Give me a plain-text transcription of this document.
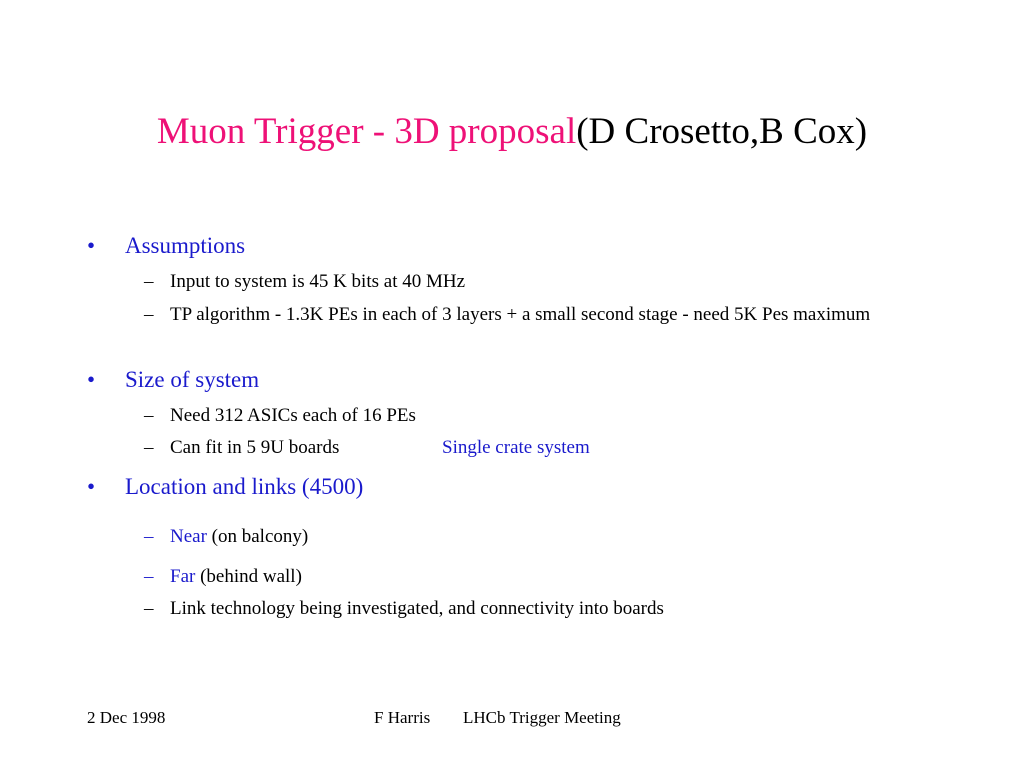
Muon Trigger - 3D proposal(D Crosetto,B Cox)
• Assumptions
– Input to system is 45 K bits at 40 MHz
– TP algorithm - 1.3K PEs in each of 3 layers + a small second stage - need 5K Pes maximum
• Size of system
– Need 312 ASICs each of 16 PEs
– Can fit in 5 9U boards	Single crate system
• Location and links (4500)
– Near (on balcony)
– Far (behind wall)
– Link technology being investigated, and connectivity into boards
2 Dec 1998	F Harris LHCb Trigger Meeting
